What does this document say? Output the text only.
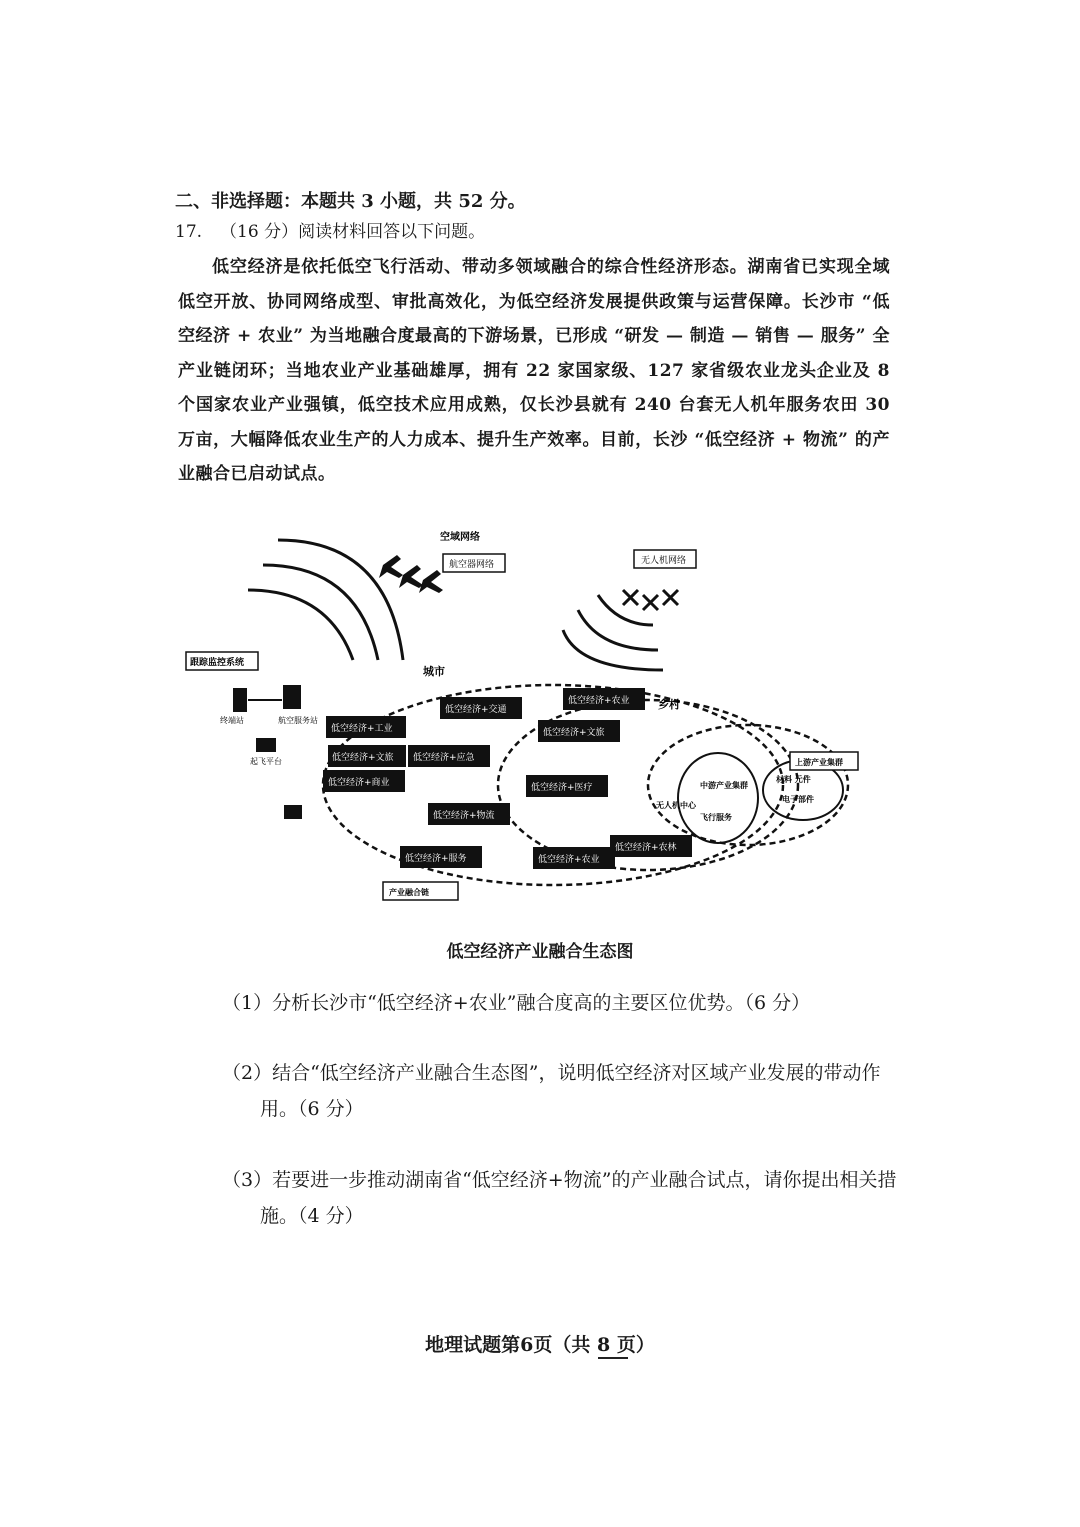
二、非选择题：本题共 3 小题，共 52 分。
17. （16 分）阅读材料回答以下问题。
低空经济是依托低空飞行活动、带动多领域融合的综合性经济形态。湖南省已实现全域低空开放、协同网络成型、审批高效化，为低空经济发展提供政策与运营保障。长沙市 “低空经济 + 农业” 为当地融合度最高的下游场景，已形成 “研发 — 制造 — 销售 — 服务” 全产业链闭环；当地农业产业基础雄厚，拥有 22 家国家级、127 家省级农业龙头企业及 8 个国家农业产业强镇，低空技术应用成熟，仅长沙县就有 240 台套无人机年服务农田 30 万亩，大幅降低农业生产的人力成本、提升生产效率。目前，长沙 “低空经济 + 物流” 的产业融合已启动试点。
空域网络
航空器网络	无人机网络
跟踪监控系统
终端站	航空服务站
起飞平台
城市
乡村
低空经济+工业
低空经济+商业
低空经济+应急
低空经济+服务
低空经济+交通
低空经济+文旅
低空经济+医疗
低空经济+物流
低空经济+农业
低空经济+农林
低空经济+农业
低空经济+文旅
中游产业集群
无人机中心
飞行服务
材料 元件
电子部件
上游产业集群
产业融合链
低空经济产业融合生态图
（1）分析长沙市“低空经济+农业”融合度高的主要区位优势。（6 分）
（2）结合“低空经济产业融合生态图”，说明低空经济对区域产业发展的带动作
用。（6 分）
（3）若要进一步推动湖南省“低空经济+物流”的产业融合试点，请你提出相关措
施。（4 分）
地理试题第6页（共 8 页）
